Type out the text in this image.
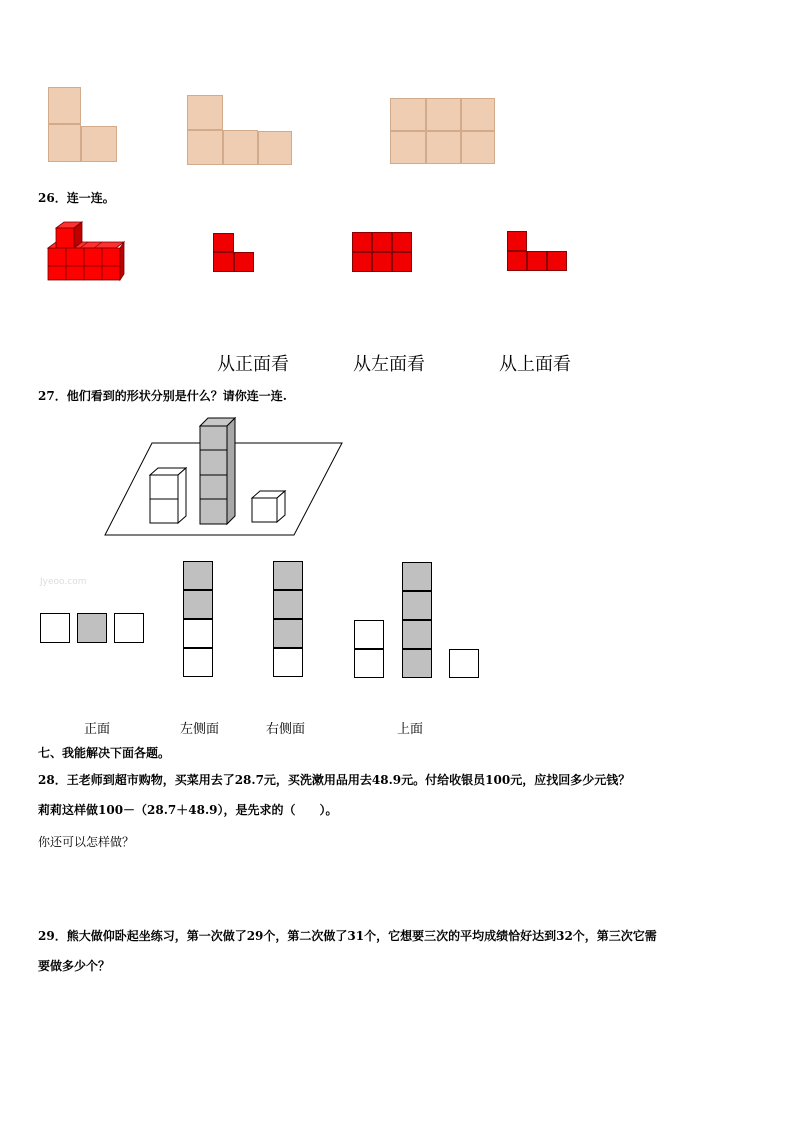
26．连一连。
从正面看	从左面看	从上面看
27．他们看到的形状分别是什么？请你连一连.
Jyeoo.com
正面	左侧面	右侧面	上面
七、我能解决下面各题。
28．王老师到超市购物，买菜用去了28.7元，买洗漱用品用去48.9元。付给收银员100元，应找回多少元钱？
莉莉这样做100－（28.7＋48.9），是先求的（　　）。
你还可以怎样做？
29．熊大做仰卧起坐练习，第一次做了29个，第二次做了31个，它想要三次的平均成绩恰好达到32个，第三次它需
要做多少个？
